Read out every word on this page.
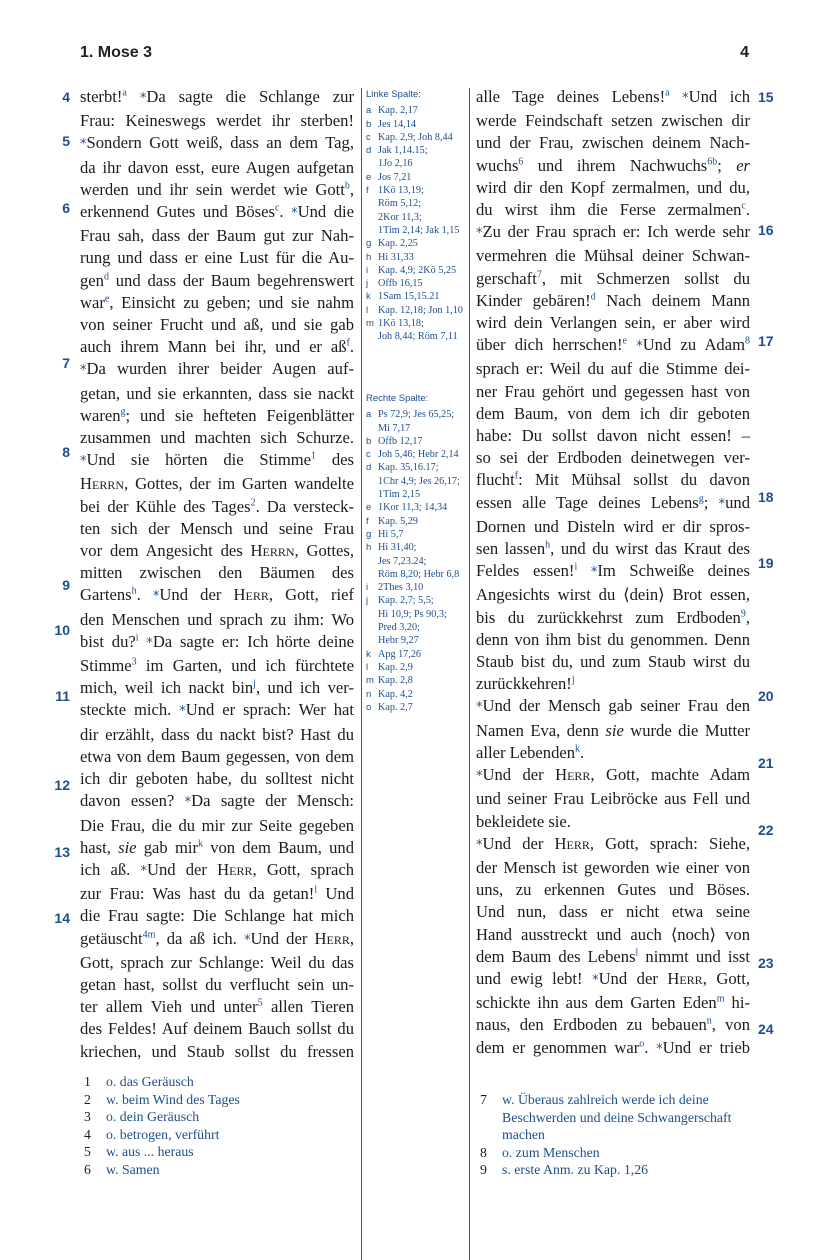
1. Mose 3	4

sterbt!$^a$ *Da sagte die Schlange zur

Frau: Keineswegs werdet ihr sterben!

*Sondern Gott weiß, dass an dem Tag,

da ihr davon esst, eure Augen aufgetan

werden und ihr sein werdet wie Gott$^b$,

erkennend Gutes und Böses$^c$. *Und die

Frau sah, dass der Baum gut zur Nah-

rung und dass er eine Lust für die Au-

gen$^d$ und dass der Baum begehrenswert

war$^e$, Einsicht zu geben; und sie nahm

von seiner Frucht und aß, und sie gab

auch ihrem Mann bei ihr, und er $aß^f$.

*Da wurden ihrer beider Augen auf-

getan, und sie erkannten, dass sie nackt

waren$^g$; und sie hefteten Feigenblätter

zusammen und machten sich Schurze.

*Und sie hörten die Stimme$^1$ des

Herrn, Gottes, der im Garten wandelte

bei der Kühle des Tages$^2$. Da versteck-

ten sich der Mensch und seine Frau

vor dem Angesicht des Herrn, Gottes,

mitten zwischen den Bäumen des

Gartens$^h$. *Und der Herr, Gott, rief

den Menschen und sprach zu ihm: Wo

bist du?$^i$ *Da sagte er: Ich hörte deine

Stimme$^3$ im Garten, und ich fürchtete

mich, weil ich nackt bin$^j$, und ich ver-

steckte mich. *Und er sprach: Wer hat

dir erzählt, dass du nackt bist? Hast du

etwa von dem Baum gegessen, von dem

ich dir geboten habe, du solltest nicht

davon essen? *Da sagte der Mensch:

Die Frau, die du mir zur Seite gegeben

hast, sie gab mir$^k$ von dem Baum, und

ich aß. *Und der Herr, Gott, sprach

zur Frau: Was hast du da getan!$^l$ Und

die Frau sagte: Die Schlange hat mich

getäuscht$^{4m}$, da aß ich. *Und der Herr,

Gott, sprach zur Schlange: Weil du das

getan hast, sollst du verflucht sein un-

ter allem Vieh und unter$^5$ allen Tieren

des Feldes! Auf deinem Bauch sollst du

kriechen, und Staub sollst du fressen

alle Tage deines Lebens!$^a$ *Und ich

werde Feindschaft setzen zwischen dir

und der Frau, zwischen deinem Nach-

wuchs$^6$ und ihrem Nachwuchs$^{6b}$; er

wird dir den Kopf zermalmen, und du,

du wirst ihm die Ferse zermalmen$^c$.

*Zu der Frau sprach er: Ich werde sehr

vermehren die Mühsal deiner Schwan-

gerschaft$^7$, mit Schmerzen sollst du

Kinder gebären!$^d$ Nach deinem Mann

wird dein Verlangen sein, er aber wird

über dich herrschen!$^e$ *Und zu Adam$^8$

sprach er: Weil du auf die Stimme dei-

ner Frau gehört und gegessen hast von

dem Baum, von dem ich dir geboten

habe: Du sollst davon nicht essen! –

so sei der Erdboden deinetwegen ver-

flucht$^f$: Mit Mühsal sollst du davon

essen alle Tage deines Lebens$^g$; *und

Dornen und Disteln wird er dir spros-

sen lassen$^h$, und du wirst das Kraut des

Feldes essen!$^i$ *Im Schweiße deines

Angesichts wirst du ⟨dein⟩ Brot essen,

bis du zurückkehrst zum Erdboden$^9$,

denn von ihm bist du genommen. Denn

Staub bist du, und zum Staub wirst du

zurückkehren!$^j$

*Und der Mensch gab seiner Frau den

Namen Eva, denn sie wurde die Mutter

aller Lebenden$^k$.

*Und der Herr, Gott, machte Adam

und seiner Frau Leibröcke aus Fell und

bekleidete sie.

*Und der Herr, Gott, sprach: Siehe,

der Mensch ist geworden wie einer von

uns, zu erkennen Gutes und Böses.

Und nun, dass er nicht etwa seine

Hand ausstreckt und auch ⟨noch⟩ von

dem Baum des Lebens$^l$ nimmt und isst

und ewig lebt! *Und der Herr, Gott,

schickte ihn aus dem Garten Eden$^m$ hi-

naus, den Erdboden zu bebauen$^n$, von

dem er genommen war$^o$. *Und er trieb

4
5
6
7
8
9
10
11
12
13
14
15
16
17
18
19
20
21
22
23
24
Linke Spalte:
a Kap. 2,17
b Jes 14,14
c Kap. 2,9; Joh 8,44
d Jak 1,14.15;
1Jo 2,16
e Jos 7,21
f 1Kö 13,19;
Röm 5,12;
2Kor 11,3;
1Tim 2,14; Jak 1,15
g Kap. 2,25
h Hi 31,33
i Kap. 4,9; 2Kö 5,25
j Offb 16,15
k 1Sam 15,15.21
l Kap. 12,18; Jon 1,10
m 1Kö 13,18;
Joh 8,44; Röm 7,11
Rechte Spalte:
a Ps 72,9; Jes 65,25;
Mi 7,17
b Offb 12,17
c Joh 5,46; Hebr 2,14
d Kap. 35,16.17;
1Chr 4,9; Jes 26,17;
1Tim 2,15
e 1Kor 11,3; 14,34
f Kap. 5,29
g Hi 5,7
h Hi 31,40;
Jes 7,23.24;
Röm 8,20; Hebr 6,8
i 2Thes 3,10
j Kap. 2,7; 5,5;
Hi 10,9; Ps 90,3;
Pred 3,20;
Hebr 9,27
k Apg 17,26
l Kap. 2,9
m Kap. 2,8
n Kap. 4,2
o Kap. 2,7
1	o. das Geräusch
2	w. beim Wind des Tages
3	o. dein Geräusch
4	o. betrogen, verführt
5	w. aus ... heraus
6	w. Samen
7	w. Überaus zahlreich werde ich deine
Beschwerden und deine Schwangerschaft
machen
8	o. zum Menschen
9	s. erste Anm. zu Kap. 1,26
